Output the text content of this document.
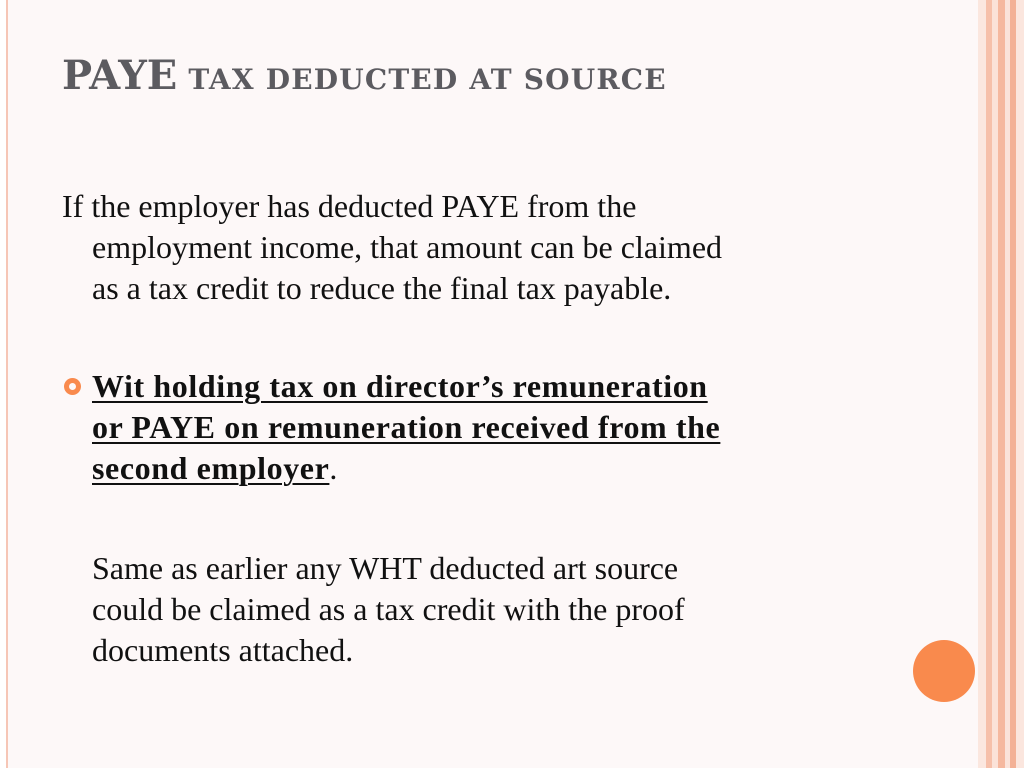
PAYE TAX DEDUCTED AT SOURCE

If the employer has deducted PAYE from the
employment income, that amount can be claimed
as a tax credit to reduce the final tax payable.

Wit holding tax on director’s remuneration
or PAYE on remuneration received from the
second employer.

Same as earlier any WHT deducted art source
could be claimed as a tax credit with the proof
documents attached.
